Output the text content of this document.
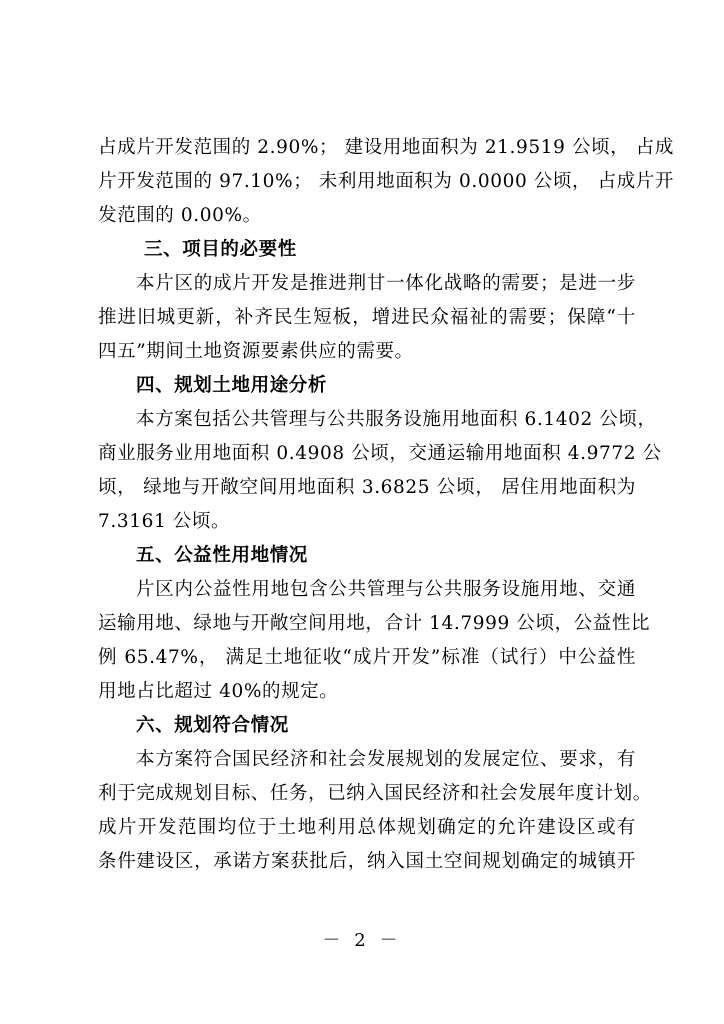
占成片开发范围的 2.90%； 建设用地面积为 21.9519 公顷， 占成
片开发范围的 97.10%； 未利用地面积为 0.0000 公顷， 占成片开
发范围的 0.00%。
三、项目的必要性
本片区的成片开发是推进荆甘一体化战略的需要；是进一步
推进旧城更新，补齐民生短板，增进民众福祉的需要；保障“十
四五”期间土地资源要素供应的需要。
四、规划土地用途分析
本方案包括公共管理与公共服务设施用地面积 6.1402 公顷，
商业服务业用地面积 0.4908 公顷，交通运输用地面积 4.9772 公
顷， 绿地与开敞空间用地面积 3.6825 公顷， 居住用地面积为
7.3161 公顷。
五、公益性用地情况
片区内公益性用地包含公共管理与公共服务设施用地、交通
运输用地、绿地与开敞空间用地，合计 14.7999 公顷，公益性比
例 65.47%， 满足土地征收“成片开发”标准（试行）中公益性
用地占比超过 40%的规定。
六、规划符合情况
本方案符合国民经济和社会发展规划的发展定位、要求，有
利于完成规划目标、任务，已纳入国民经济和社会发展年度计划。
成片开发范围均位于土地利用总体规划确定的允许建设区或有
条件建设区，承诺方案获批后，纳入国土空间规划确定的城镇开
－ 2 －
